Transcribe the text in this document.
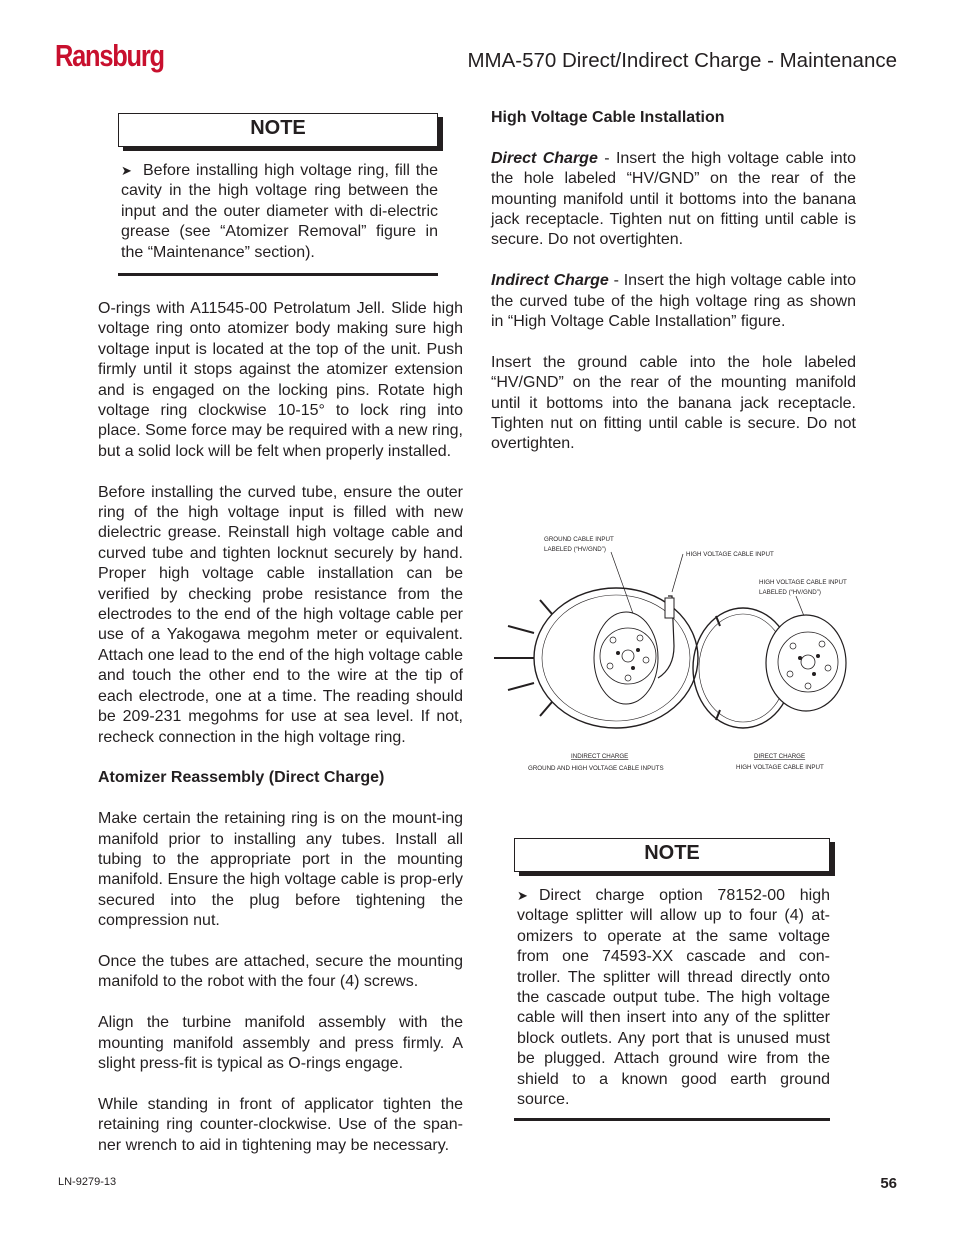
Ransburg	MMA-570 Direct/Indirect Charge - Maintenance
NOTE

➤ Before installing high voltage ring, fill the cavity in the high voltage ring between the input and the outer diameter with di-electric grease (see “Atomizer Removal” figure in the “Maintenance” section).

O-rings with A11545-00 Petrolatum Jell. Slide high voltage ring onto atomizer body making sure high voltage input is located at the top of the unit. Push firmly until it stops against the atomizer extension and is engaged on the locking pins. Rotate high voltage ring clockwise 10-15° to lock ring into place. Some force may be required with a new ring, but a solid lock will be felt when properly installed.

Before installing the curved tube, ensure the outer ring of the high voltage input is filled with new dielectric grease. Reinstall high voltage cable and curved tube and tighten locknut securely by hand. Proper high voltage cable installation can be verified by checking probe resistance from the electrodes to the end of the high voltage cable per use of a Yakogawa megohm meter or equivalent. Attach one lead to the end of the high voltage cable and touch the other end to the wire at the tip of each electrode, one at a time. The reading should be 209-231 megohms for use at sea level. If not, recheck connection in the high voltage ring.

Atomizer Reassembly (Direct Charge)

Make certain the retaining ring is on the mount-ing manifold prior to installing any tubes. Install all tubing to the appropriate port in the mounting manifold. Ensure the high voltage cable is prop-erly secured into the plug before tightening the compression nut.

Once the tubes are attached, secure the mounting manifold to the robot with the four (4) screws.

Align the turbine manifold assembly with the mounting manifold assembly and press firmly. A slight press-fit is typical as O-rings engage.

While standing in front of applicator tighten the retaining ring counter-clockwise. Use of the span-ner wrench to aid in tightening may be necessary.

High Voltage Cable Installation

Direct Charge - Insert the high voltage cable into the hole labeled “HV/GND” on the rear of the mounting manifold until it bottoms into the banana jack receptacle. Tighten nut on fitting until cable is secure. Do not overtighten.

Indirect Charge - Insert the high voltage cable into the curved tube of the high voltage ring as shown in “High Voltage Cable Installation” figure.

Insert the ground cable into the hole labeled “HV/GND” on the rear of the mounting manifold until it bottoms into the banana jack receptacle. Tighten nut on fitting until cable is secure. Do not overtighten.

GROUND CABLE INPUT
LABELED (“HV/GND”)
HIGH VOLTAGE CABLE INPUT
HIGH VOLTAGE CABLE INPUT
LABELED (“HV/GND”)
INDIRECT CHARGE
GROUND AND HIGH VOLTAGE CABLE INPUTS
DIRECT CHARGE
HIGH VOLTAGE CABLE INPUT
NOTE

➤ Direct charge option 78152-00 high voltage splitter will allow up to four (4) at-omizers to operate at the same voltage from one 74593-XX cascade and con-troller. The splitter will thread directly onto the cascade output tube. The high voltage cable will then insert into any of the splitter block outlets. Any port that is unused must be plugged. Attach ground wire from the shield to a known good earth ground source.

LN-9279-13	56
